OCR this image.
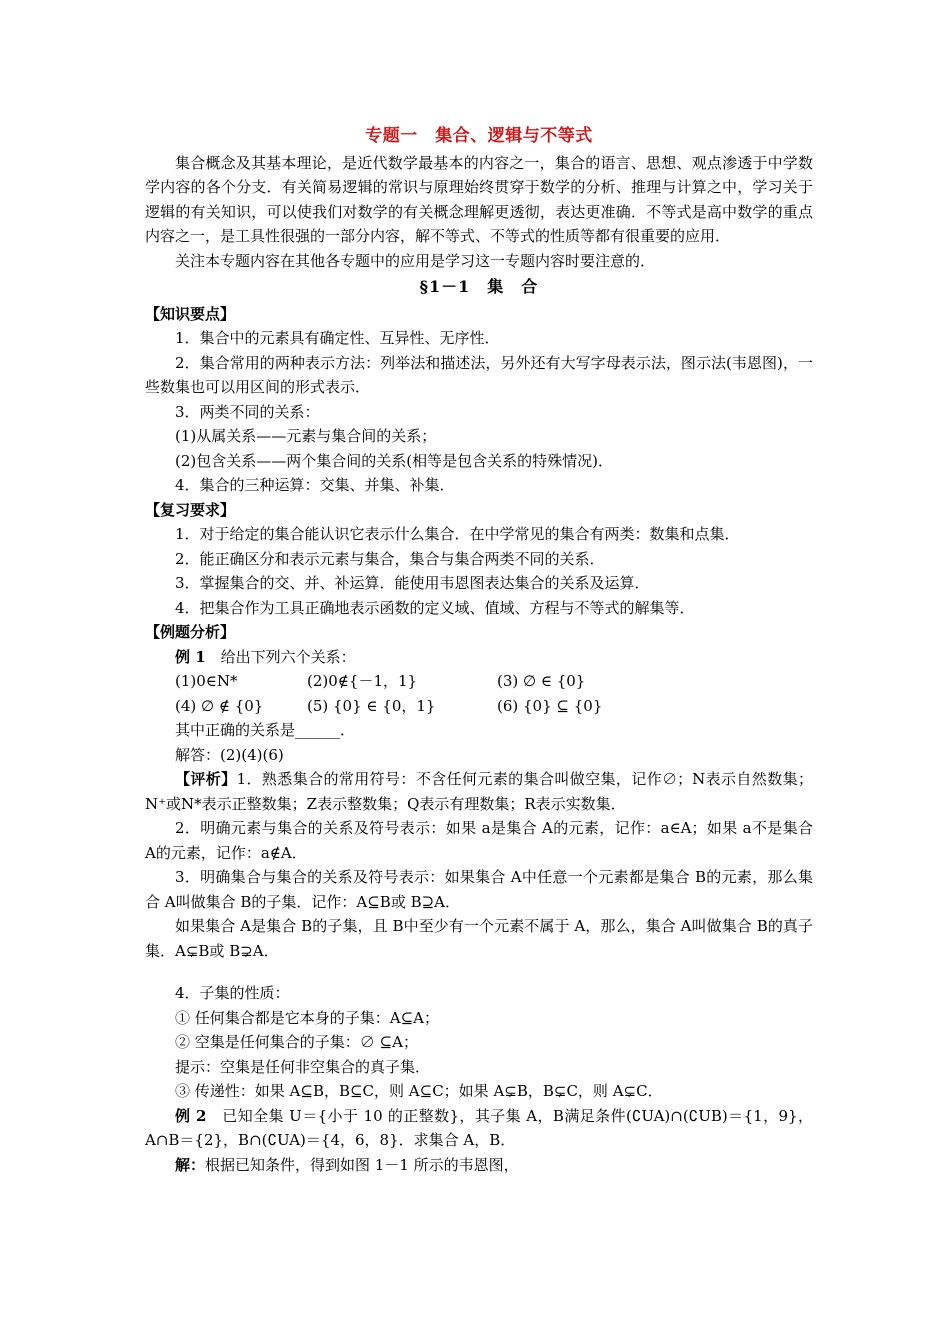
专题一　集合、逻辑与不等式

集合概念及其基本理论，是近代数学最基本的内容之一，集合的语言、思想、观点渗透于中学数学内容的各个分支．有关简易逻辑的常识与原理始终贯穿于数学的分析、推理与计算之中，学习关于逻辑的有关知识，可以使我们对数学的有关概念理解更透彻，表达更准确．不等式是高中数学的重点内容之一，是工具性很强的一部分内容，解不等式、不等式的性质等都有很重要的应用．

关注本专题内容在其他各专题中的应用是学习这一专题内容时要注意的．

§1－1　集　合

【知识要点】

1．集合中的元素具有确定性、互异性、无序性．

2．集合常用的两种表示方法：列举法和描述法，另外还有大写字母表示法，图示法(韦恩图)，一些数集也可以用区间的形式表示．

3．两类不同的关系：

(1)从属关系——元素与集合间的关系；

(2)包含关系——两个集合间的关系(相等是包含关系的特殊情况)．

4．集合的三种运算：交集、并集、补集．

【复习要求】

1．对于给定的集合能认识它表示什么集合．在中学常见的集合有两类：数集和点集．

2．能正确区分和表示元素与集合，集合与集合两类不同的关系．

3．掌握集合的交、并、补运算．能使用韦恩图表达集合的关系及运算．

4．把集合作为工具正确地表示函数的定义域、值域、方程与不等式的解集等．

【例题分析】

例 1　给出下列六个关系：

(1)0∈N*	(2)0∉{－1，1}	(3) ∅ ∈ {0}
(4) ∅ ∉ {0}	(5) {0} ∈ {0，1}	(6) {0} ⊆ {0}

其中正确的关系是______．

解答：(2)(4)(6)

【评析】1．熟悉集合的常用符号：不含任何元素的集合叫做空集，记作∅；N表示自然数集；N⁺或N*表示正整数集；Z表示整数集；Q表示有理数集；R表示实数集．

2．明确元素与集合的关系及符号表示：如果 a是集合 A的元素，记作：a∈A；如果 a不是集合 A的元素，记作：a∉A．

3．明确集合与集合的关系及符号表示：如果集合 A中任意一个元素都是集合 B的元素，那么集合 A叫做集合 B的子集．记作：A⊆B或 B⊇A．

如果集合 A是集合 B的子集，且 B中至少有一个元素不属于 A，那么，集合 A叫做集合 B的真子集．A⊊B或 B⊋A．

4．子集的性质：

① 任何集合都是它本身的子集：A⊆A；

② 空集是任何集合的子集：∅ ⊆A；

提示：空集是任何非空集合的真子集．

③ 传递性：如果 A⊆B，B⊆C，则 A⊆C；如果 A⊊B，B⊊C，则 A⊊C．

例 2　已知全集 U＝{小于 10 的正整数}，其子集 A，B满足条件(∁UA)∩(∁UB)＝{1，9}，A∩B＝{2}，B∩(∁UA)＝{4，6，8}．求集合 A，B．

解：根据已知条件，得到如图 1－1 所示的韦恩图，
